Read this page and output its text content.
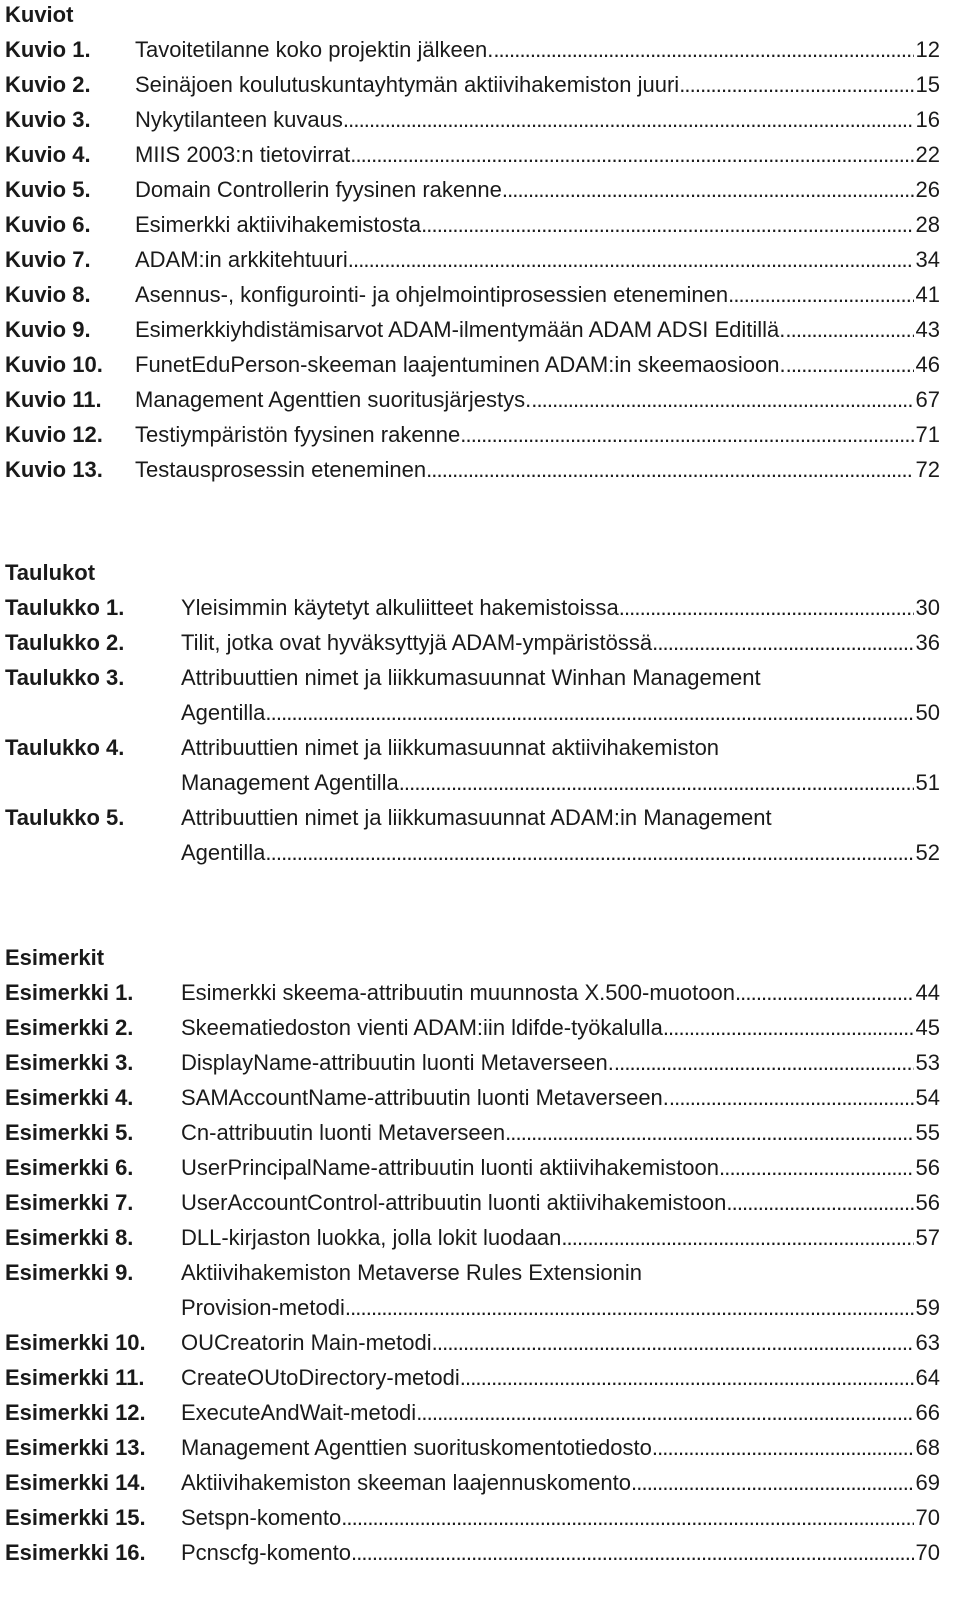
Kuviot
Kuvio 1.	Tavoitetilanne koko projektin jälkeen. . . .	12
Kuvio 2.	Seinäjoen koulutuskuntayhtymän aktiivihakemiston juuri . . .	15
Kuvio 3.	Nykytilanteen kuvaus . . .	16
Kuvio 4.	MIIS 2003:n tietovirrat . . .	22
Kuvio 5.	Domain Controllerin fyysinen rakenne . . .	26
Kuvio 6.	Esimerkki aktiivihakemistosta . . .	28
Kuvio 7.	ADAM:in arkkitehtuuri . . .	34
Kuvio 8.	Asennus-, konfigurointi- ja ohjelmointiprosessien eteneminen . . .	41
Kuvio 9.	Esimerkkiyhdistämisarvot ADAM-ilmentymään ADAM ADSI Editillä. . . .	43
Kuvio 10.	FunetEduPerson-skeeman laajentuminen ADAM:in skeemaosioon. . . .	46
Kuvio 11.	Management Agenttien suoritusjärjestys. . . .	67
Kuvio 12.	Testiympäristön fyysinen rakenne . . .	71
Kuvio 13.	Testausprosessin eteneminen . . .	72
Taulukot
Taulukko 1.	Yleisimmin käytetyt alkuliitteet hakemistoissa . . .	30
Taulukko 2.	Tilit, jotka ovat hyväksyttyjä ADAM-ympäristössä . . .	36
Taulukko 3.	Attribuuttien nimet ja liikkumasuunnat Winhan Management
Agentilla . . .	50
Taulukko 4.	Attribuuttien nimet ja liikkumasuunnat aktiivihakemiston
Management Agentilla . . .	51
Taulukko 5.	Attribuuttien nimet ja liikkumasuunnat ADAM:in Management
Agentilla . . .	52
Esimerkit
Esimerkki 1.	Esimerkki skeema-attribuutin muunnosta X.500-muotoon . . .	44
Esimerkki 2.	Skeematiedoston vienti ADAM:iin ldifde-työkalulla . . .	45
Esimerkki 3.	DisplayName-attribuutin luonti Metaverseen. . . .	53
Esimerkki 4.	SAMAccountName-attribuutin luonti Metaverseen. . . .	54
Esimerkki 5.	Cn-attribuutin luonti Metaverseen . . .	55
Esimerkki 6.	UserPrincipalName-attribuutin luonti aktiivihakemistoon . . .	56
Esimerkki 7.	UserAccountControl-attribuutin luonti aktiivihakemistoon . . .	56
Esimerkki 8.	DLL-kirjaston luokka, jolla lokit luodaan . . .	57
Esimerkki 9.	Aktiivihakemiston Metaverse Rules Extensionin
Provision-metodi . . .	59
Esimerkki 10.	OUCreatorin Main-metodi . . .	63
Esimerkki 11.	CreateOUtoDirectory-metodi . . .	64
Esimerkki 12.	ExecuteAndWait-metodi . . .	66
Esimerkki 13.	Management Agenttien suorituskomentotiedosto . . .	68
Esimerkki 14.	Aktiivihakemiston skeeman laajennuskomento . . .	69
Esimerkki 15.	Setspn-komento . . .	70
Esimerkki 16.	Pcnscfg-komento . . .	70
